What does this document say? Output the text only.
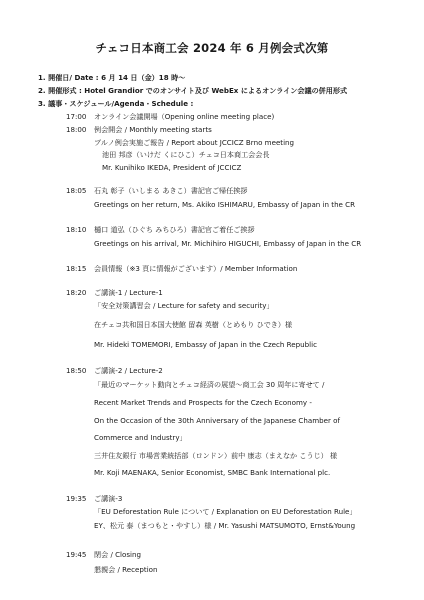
チェコ日本商工会 2024 年 6 月例会式次第
1. 開催日/ Date : 6 月 14 日（金）18 時〜
2. 開催形式 : Hotel Grandior でのオンサイト及び WebEx によるオンライン会議の併用形式
3. 議事・スケジュール/Agenda・Schedule :
17:00 オンライン会議開場（Opening online meeting place)
18:00 例会開会 / Monthly meeting starts
ブルノ例会実施ご報告 / Report about JCCICZ Brno meeting
池田 邦彦（いけだ くにひこ）チェコ日本商工会会長
Mr. Kunihiko IKEDA, President of JCCICZ
18:05 石丸 彰子（いしまる あきこ）書記官ご帰任挨拶
Greetings on her return, Ms. Akiko ISHIMARU, Embassy of Japan in the CR
18:10 樋口 道弘（ひぐち みちひろ）書記官ご着任ご挨拶
Greetings on his arrival, Mr. Michihiro HIGUCHI, Embassy of Japan in the CR
18:15 会員情報（※3 頁に情報がございます）/ Member Information
18:20 ご講演-1 / Lecture-1
「安全対策講習会 / Lecture for safety and security」
在チェコ共和国日本国大使館 留森 英樹（とめもり ひでき）様
Mr. Hideki TOMEMORI, Embassy of Japan in the Czech Republic
18:50 ご講演-2 / Lecture-2
「最近のマーケット動向とチェコ経済の展望〜商工会 30 周年に寄せて /
Recent Market Trends and Prospects for the Czech Economy -
On the Occasion of the 30th Anniversary of the Japanese Chamber of
Commerce and Industry」
三井住友銀行 市場営業統括部（ロンドン）前中 康志（まえなか こうじ） 様
Mr. Koji MAENAKA, Senior Economist, SMBC Bank International plc.
19:35 ご講演-3
「EU Deforestation Rule について / Explanation on EU Deforestation Rule」
EY、松元 泰（まつもと・やすし）様 / Mr. Yasushi MATSUMOTO, Ernst&Young
19:45 閉会 / Closing
懇親会 / Reception
